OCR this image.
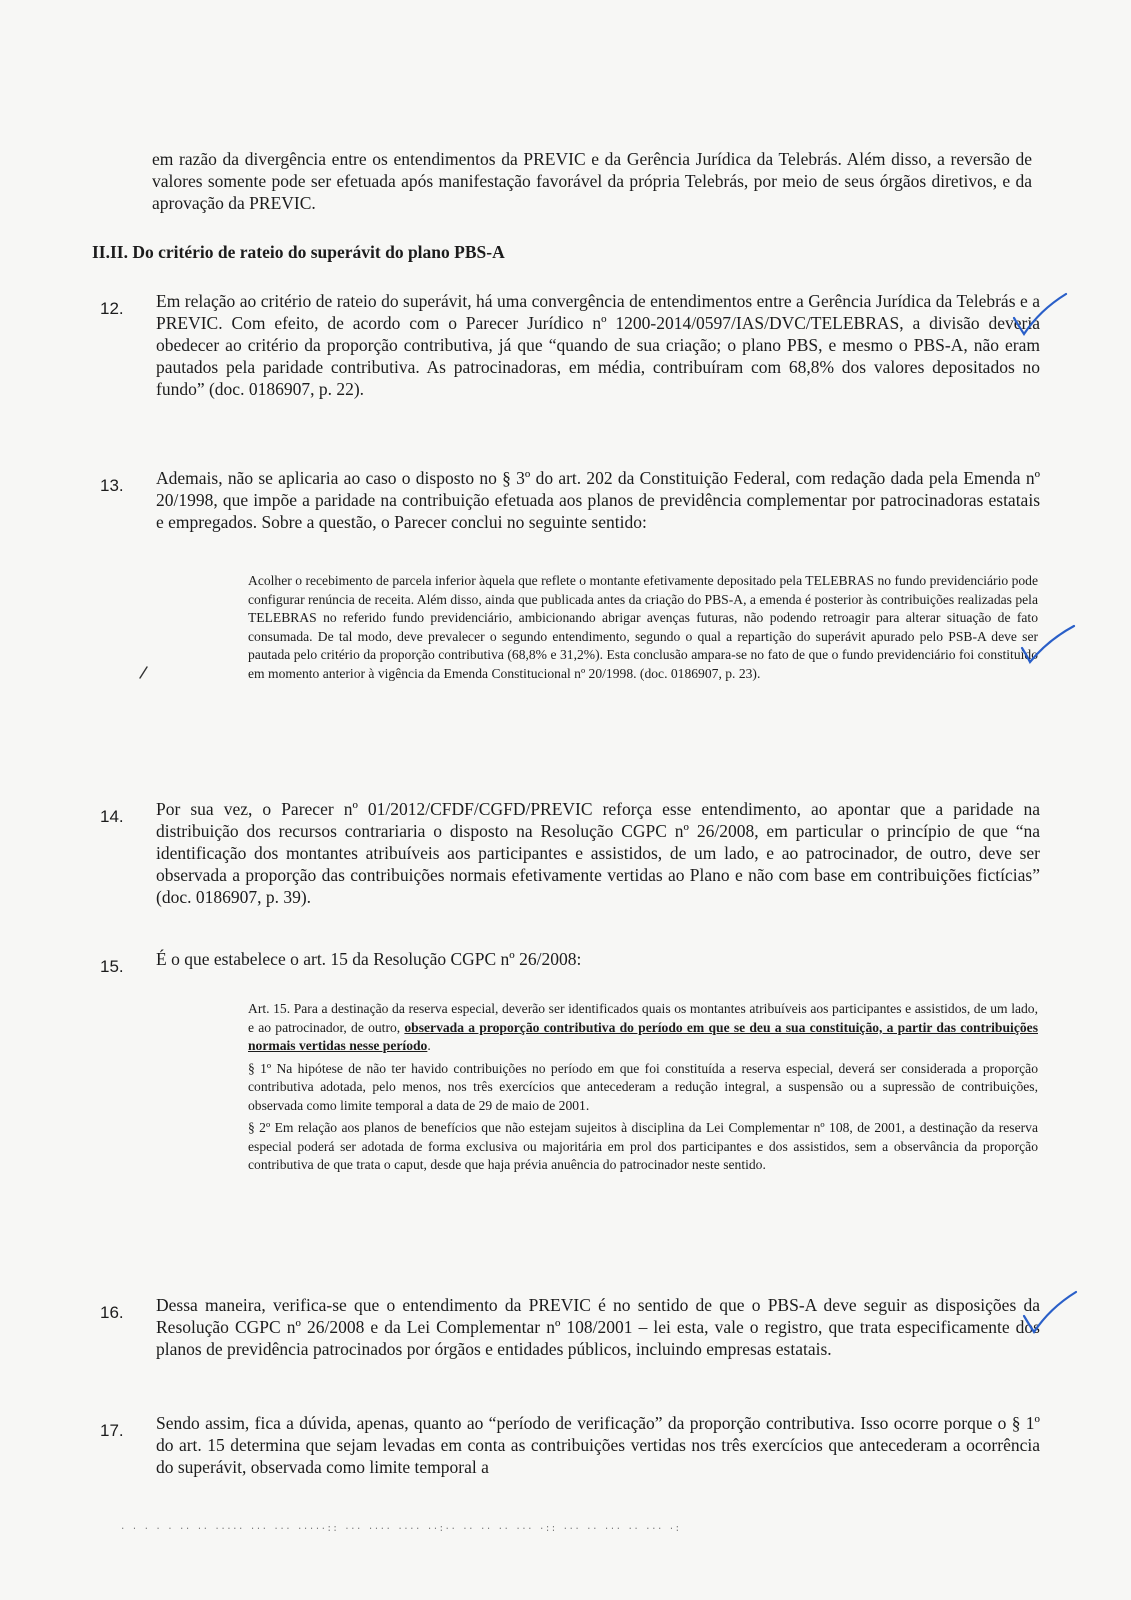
em razão da divergência entre os entendimentos da PREVIC e da Gerência Jurídica da Telebrás. Além disso, a reversão de valores somente pode ser efetuada após manifestação favorável da própria Telebrás, por meio de seus órgãos diretivos, e da aprovação da PREVIC.
II.II. Do critério de rateio do superávit do plano PBS-A
12.	Em relação ao critério de rateio do superávit, há uma convergência de entendimentos entre a Gerência Jurídica da Telebrás e a PREVIC. Com efeito, de acordo com o Parecer Jurídico nº 1200-2014/0597/IAS/DVC/TELEBRAS, a divisão deveria obedecer ao critério da proporção contributiva, já que “quando de sua criação; o plano PBS, e mesmo o PBS-A, não eram pautados pela paridade contributiva. As patrocinadoras, em média, contribuíram com 68,8% dos valores depositados no fundo” (doc. 0186907, p. 22).
13.	Ademais, não se aplicaria ao caso o disposto no § 3º do art. 202 da Constituição Federal, com redação dada pela Emenda nº 20/1998, que impõe a paridade na contribuição efetuada aos planos de previdência complementar por patrocinadoras estatais e empregados. Sobre a questão, o Parecer conclui no seguinte sentido:
Acolher o recebimento de parcela inferior àquela que reflete o montante efetivamente depositado pela TELEBRAS no fundo previdenciário pode configurar renúncia de receita. Além disso, ainda que publicada antes da criação do PBS-A, a emenda é posterior às contribuições realizadas pela TELEBRAS no referido fundo previdenciário, ambicionando abrigar avenças futuras, não podendo retroagir para alterar situação de fato consumada. De tal modo, deve prevalecer o segundo entendimento, segundo o qual a repartição do superávit apurado pelo PSB-A deve ser pautada pelo critério da proporção contributiva (68,8% e 31,2%). Esta conclusão ampara-se no fato de que o fundo previdenciário foi constituído em momento anterior à vigência da Emenda Constitucional nº 20/1998. (doc. 0186907, p. 23).
14.	Por sua vez, o Parecer nº 01/2012/CFDF/CGFD/PREVIC reforça esse entendimento, ao apontar que a paridade na distribuição dos recursos contrariaria o disposto na Resolução CGPC nº 26/2008, em particular o princípio de que “na identificação dos montantes atribuíveis aos participantes e assistidos, de um lado, e ao patrocinador, de outro, deve ser observada a proporção das contribuições normais efetivamente vertidas ao Plano e não com base em contribuições fictícias” (doc. 0186907, p. 39).
15.	É o que estabelece o art. 15 da Resolução CGPC nº 26/2008:

Art. 15. Para a destinação da reserva especial, deverão ser identificados quais os montantes atribuíveis aos participantes e assistidos, de um lado, e ao patrocinador, de outro, observada a proporção contributiva do período em que se deu a sua constituição, a partir das contribuições normais vertidas nesse período.

§ 1º Na hipótese de não ter havido contribuições no período em que foi constituída a reserva especial, deverá ser considerada a proporção contributiva adotada, pelo menos, nos três exercícios que antecederam a redução integral, a suspensão ou a supressão de contribuições, observada como limite temporal a data de 29 de maio de 2001.

§ 2º Em relação aos planos de benefícios que não estejam sujeitos à disciplina da Lei Complementar nº 108, de 2001, a destinação da reserva especial poderá ser adotada de forma exclusiva ou majoritária em prol dos participantes e dos assistidos, sem a observância da proporção contributiva de que trata o caput, desde que haja prévia anuência do patrocinador neste sentido.

16.	Dessa maneira, verifica-se que o entendimento da PREVIC é no sentido de que o PBS-A deve seguir as disposições da Resolução CGPC nº 26/2008 e da Lei Complementar nº 108/2001 – lei esta, vale o registro, que trata especificamente dos planos de previdência patrocinados por órgãos e entidades públicos, incluindo empresas estatais.
17.	Sendo assim, fica a dúvida, apenas, quanto ao “período de verificação” da proporção contributiva. Isso ocorre porque o § 1º do art. 15 determina que sejam levadas em conta as contribuições vertidas nos três exercícios que antecederam a ocorrência do superávit, observada como limite temporal a
· · · · · ·· ·· ····· ··· ··· ·····:: ··· ···· ···· ··:·· ·· ·· ·· ··· ·:: ··· ·· ··· ·· ··· ·:
